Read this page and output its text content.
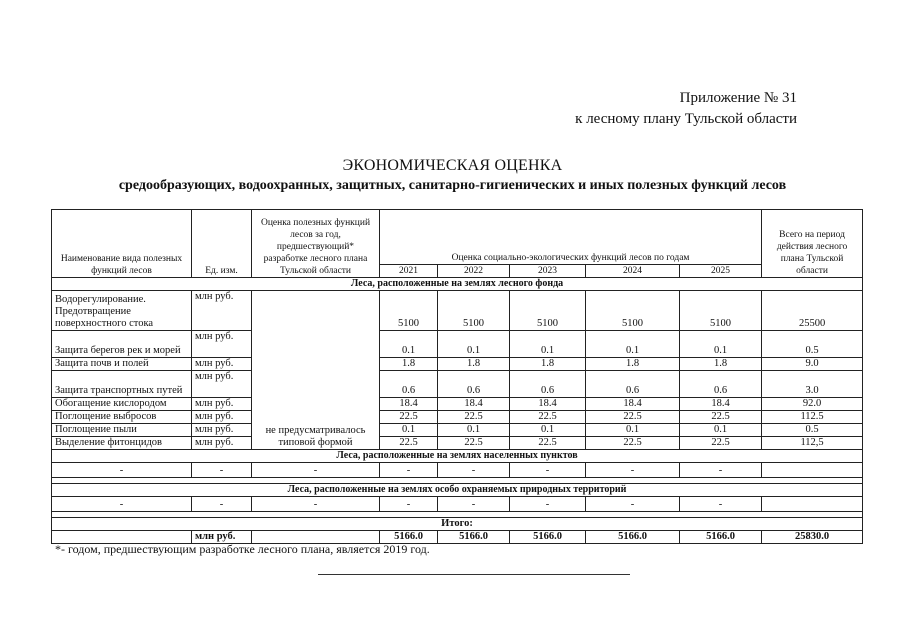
Приложение № 31
к лесному плану Тульской области
ЭКОНОМИЧЕСКАЯ ОЦЕНКА
средообразующих, водоохранных, защитных, санитарно-гигиенических и иных полезных функций лесов
Наименование вида полезных функций лесов	Ед. изм.	Оценка полезных функций лесов за год, предшествующий* разработке лесного плана Тульской области	Оценка социально-экологических функций лесов по годам					Всего на период действия лесного плана Тульской области
			2021	2022	2023	2024	2025	
Леса, расположенные на землях лесного фонда								
Водорегулирование. Предотвращение поверхностного стока	млн руб.	не предусматривалось типовой формой	5100	5100	5100	5100	5100	25500
Защита берегов рек и морей	млн руб.		0.1	0.1	0.1	0.1	0.1	0.5
Защита почв и полей	млн руб.		1.8	1.8	1.8	1.8	1.8	9.0
Защита транспортных путей	млн руб.		0.6	0.6	0.6	0.6	0.6	3.0
Обогащение кислородом	млн руб.		18.4	18.4	18.4	18.4	18.4	92.0
Поглощение выбросов	млн руб.		22.5	22.5	22.5	22.5	22.5	112.5
Поглощение пыли	млн руб.		0.1	0.1	0.1	0.1	0.1	0.5
Выделение фитонцидов	млн руб.		22.5	22.5	22.5	22.5	22.5	112,5
Леса, расположенные на землях населенных пунктов								
-	-	-	-	-	-	-	-	

Леса, расположенные на землях особо охраняемых природных территорий								
-	-	-	-	-	-	-	-	

Итого:								
	млн руб.		5166.0	5166.0	5166.0	5166.0	5166.0	25830.0
*- годом, предшествующим разработке лесного плана, является 2019 год.
